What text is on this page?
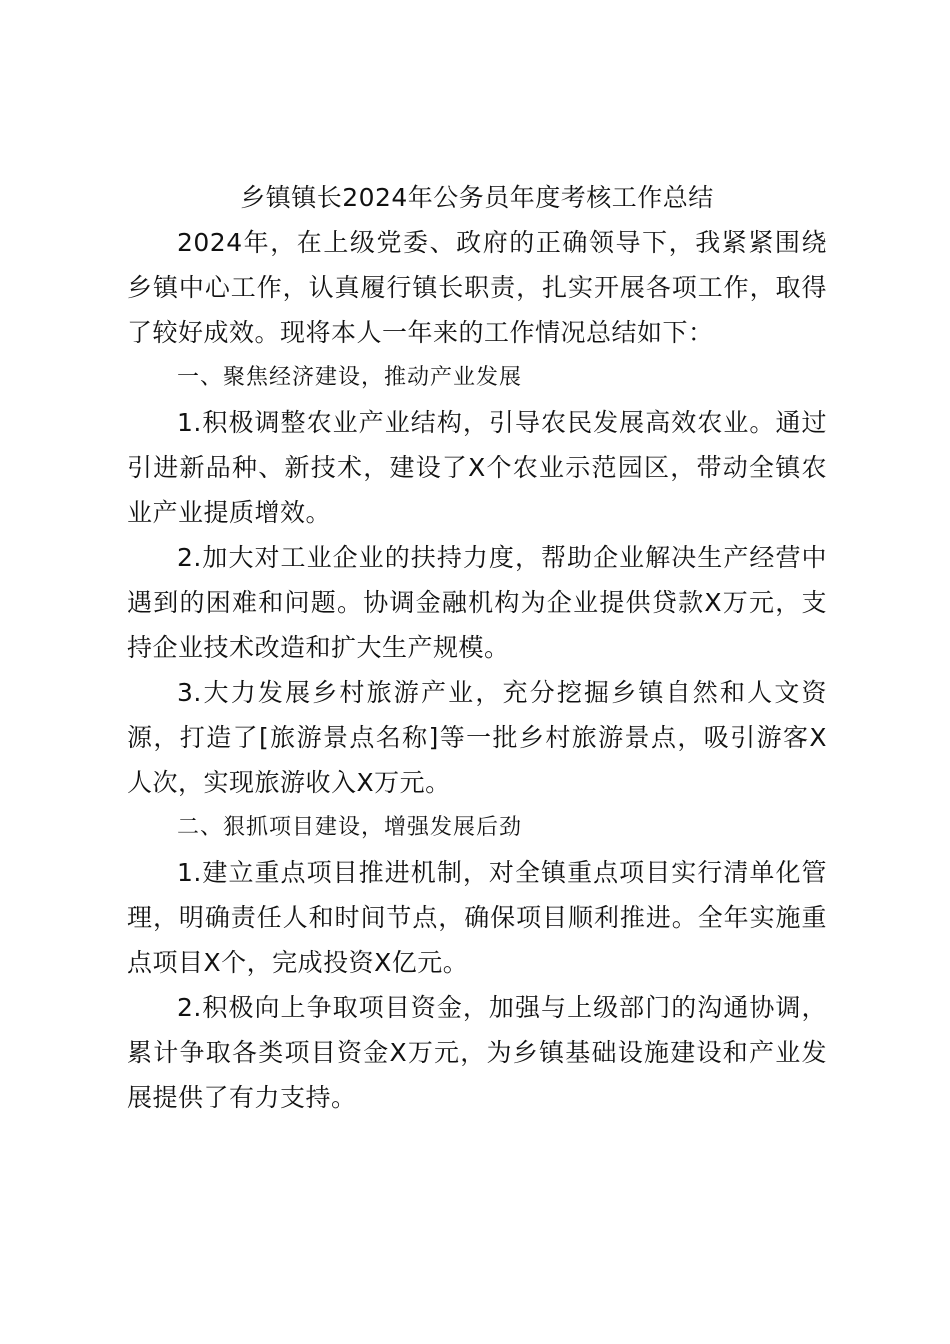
乡镇镇长2024年公务员年度考核工作总结

2024年，在上级党委、政府的正确领导下，我紧紧围绕乡镇中心工作，认真履行镇长职责，扎实开展各项工作，取得了较好成效。现将本人一年来的工作情况总结如下：

一、聚焦经济建设，推动产业发展

1.积极调整农业产业结构，引导农民发展高效农业。通过引进新品种、新技术，建设了X个农业示范园区，带动全镇农业产业提质增效。

2.加大对工业企业的扶持力度，帮助企业解决生产经营中遇到的困难和问题。协调金融机构为企业提供贷款X万元，支持企业技术改造和扩大生产规模。

3.大力发展乡村旅游产业，充分挖掘乡镇自然和人文资源，打造了[旅游景点名称]等一批乡村旅游景点，吸引游客X人次，实现旅游收入X万元。

二、狠抓项目建设，增强发展后劲

1.建立重点项目推进机制，对全镇重点项目实行清单化管理，明确责任人和时间节点，确保项目顺利推进。全年实施重点项目X个，完成投资X亿元。

2.积极向上争取项目资金，加强与上级部门的沟通协调，累计争取各类项目资金X万元，为乡镇基础设施建设和产业发展提供了有力支持。
